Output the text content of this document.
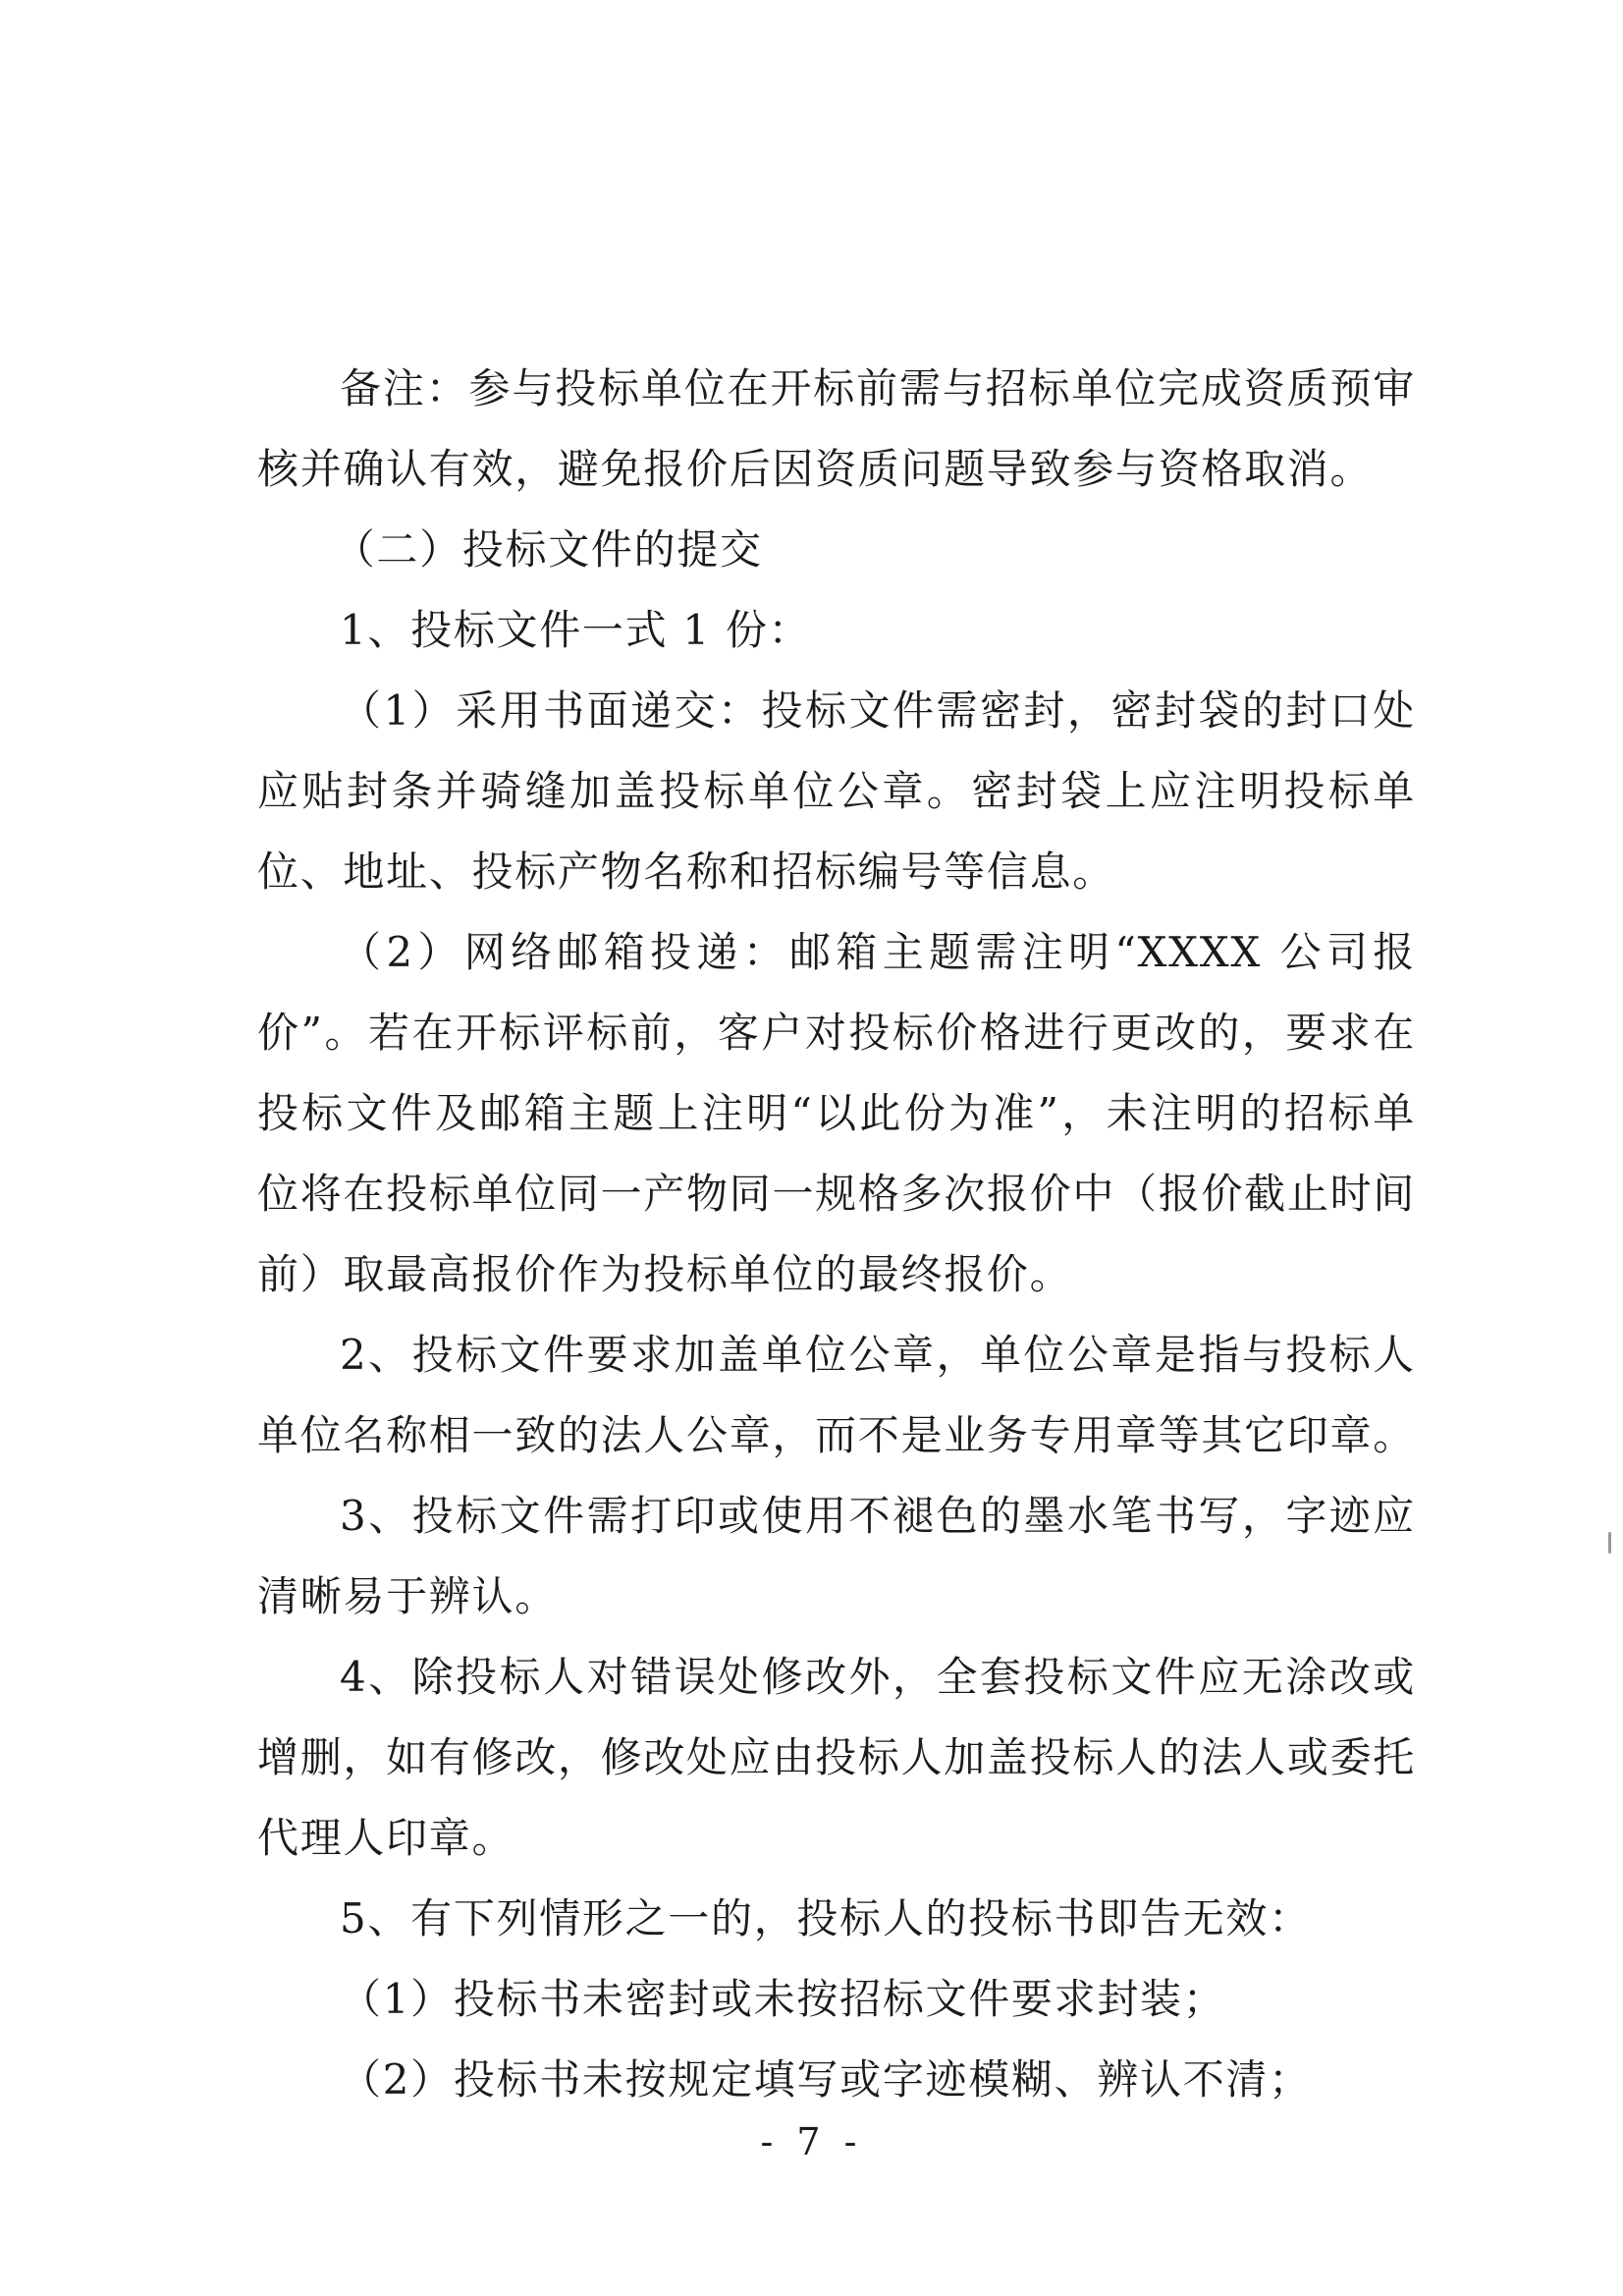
备注：参与投标单位在开标前需与招标单位完成资质预审核并确认有效，避免报价后因资质问题导致参与资格取消。

（二）投标文件的提交

1、投标文件一式 1 份：

（1）采用书面递交：投标文件需密封，密封袋的封口处应贴封条并骑缝加盖投标单位公章。密封袋上应注明投标单位、地址、投标产物名称和招标编号等信息。

（2）网络邮箱投递：邮箱主题需注明“XXXX 公司报价”。若在开标评标前，客户对投标价格进行更改的，要求在投标文件及邮箱主题上注明“以此份为准”，未注明的招标单位将在投标单位同一产物同一规格多次报价中（报价截止时间前）取最高报价作为投标单位的最终报价。

2、投标文件要求加盖单位公章，单位公章是指与投标人单位名称相一致的法人公章，而不是业务专用章等其它印章。

3、投标文件需打印或使用不褪色的墨水笔书写，字迹应清晰易于辨认。

4、除投标人对错误处修改外，全套投标文件应无涂改或增删，如有修改，修改处应由投标人加盖投标人的法人或委托代理人印章。

5、有下列情形之一的，投标人的投标书即告无效：

（1）投标书未密封或未按招标文件要求封装；

（2）投标书未按规定填写或字迹模糊、辨认不清；

- 7 -
